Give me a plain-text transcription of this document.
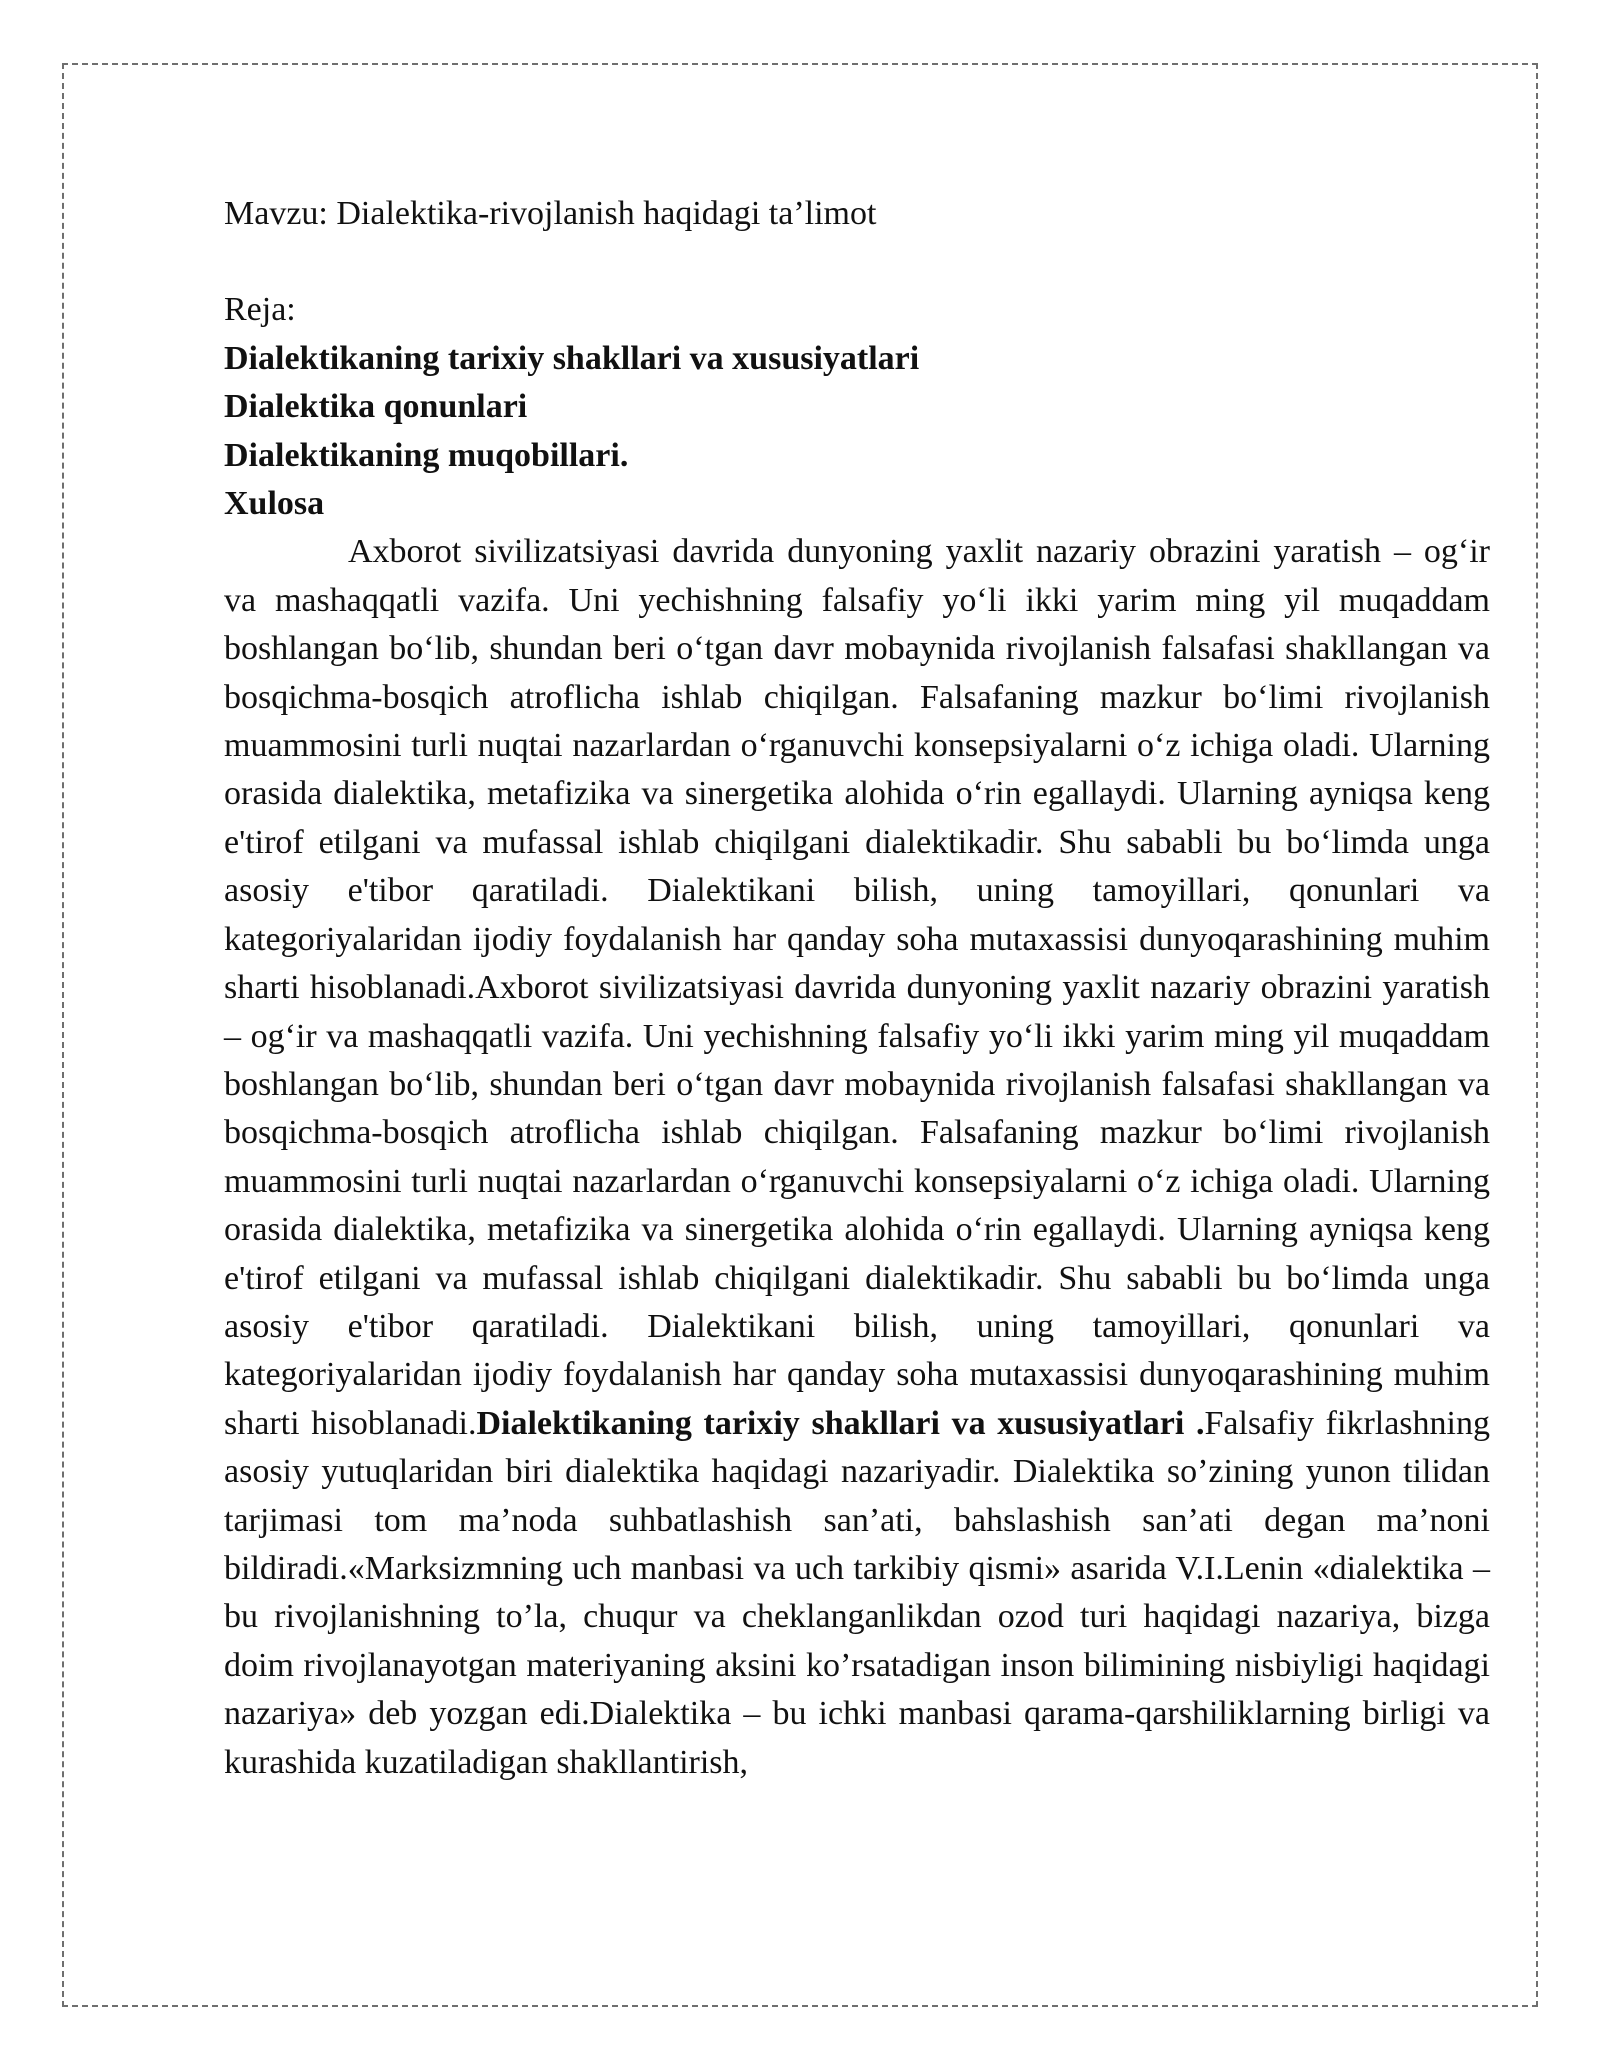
Mavzu: Dialektika-rivojlanish haqidagi ta’limot

Reja:

Dialektikaning tarixiy shakllari va xususiyatlari
Dialektika qonunlari
Dialektikaning muqobillari.
Xulosa

Axborot sivilizatsiyasi davrida dunyoning yaxlit nazariy obrazini yaratish – og‘ir va mashaqqatli vazifa. Uni yechishning falsafiy yo‘li ikki yarim ming yil muqaddam boshlangan bo‘lib, shundan beri o‘tgan davr mobaynida rivojlanish falsafasi shakllangan va bosqichma-bosqich atroflicha ishlab chiqilgan. Falsafaning mazkur bo‘limi rivojlanish muammosini turli nuqtai nazarlardan o‘rganuvchi konsepsiyalarni o‘z ichiga oladi. Ularning orasida dialektika, metafizika va sinergetika alohida o‘rin egallaydi. Ularning ayniqsa keng e'tirof etilgani va mufassal ishlab chiqilgani dialektikadir. Shu sababli bu bo‘limda unga asosiy e'tibor qaratiladi. Dialektikani bilish, uning tamoyillari, qonunlari va kategoriyalaridan ijodiy foydalanish har qanday soha mutaxassisi dunyoqarashining muhim sharti hisoblanadi.Axborot sivilizatsiyasi davrida dunyoning yaxlit nazariy obrazini yaratish – og‘ir va mashaqqatli vazifa. Uni yechishning falsafiy yo‘li ikki yarim ming yil muqaddam boshlangan bo‘lib, shundan beri o‘tgan davr mobaynida rivojlanish falsafasi shakllangan va bosqichma-bosqich atroflicha ishlab chiqilgan. Falsafaning mazkur bo‘limi rivojlanish muammosini turli nuqtai nazarlardan o‘rganuvchi konsepsiyalarni o‘z ichiga oladi. Ularning orasida dialektika, metafizika va sinergetika alohida o‘rin egallaydi. Ularning ayniqsa keng e'tirof etilgani va mufassal ishlab chiqilgani dialektikadir. Shu sababli bu bo‘limda unga asosiy e'tibor qaratiladi. Dialektikani bilish, uning tamoyillari, qonunlari va kategoriyalaridan ijodiy foydalanish har qanday soha mutaxassisi dunyoqarashining muhim sharti hisoblanadi.Dialektikaning tarixiy shakllari va xususiyatlari .Falsafiy fikrlashning asosiy yutuqlaridan biri dialektika haqidagi nazariyadir. Dialektika so’zining yunon tilidan tarjimasi tom ma’noda suhbatlashish san’ati, bahslashish san’ati degan ma’noni bildiradi.«Marksizmning uch manbasi va uch tarkibiy qismi» asarida V.I.Lenin «dialektika – bu rivojlanishning to’la, chuqur va cheklanganlikdan ozod turi haqidagi nazariya, bizga doim rivojlanayotgan materiyaning aksini ko’rsatadigan inson bilimining nisbiyligi haqidagi nazariya» deb yozgan edi.Dialektika – bu ichki manbasi qarama-qarshiliklarning birligi va kurashida kuzatiladigan shakllantirish,
